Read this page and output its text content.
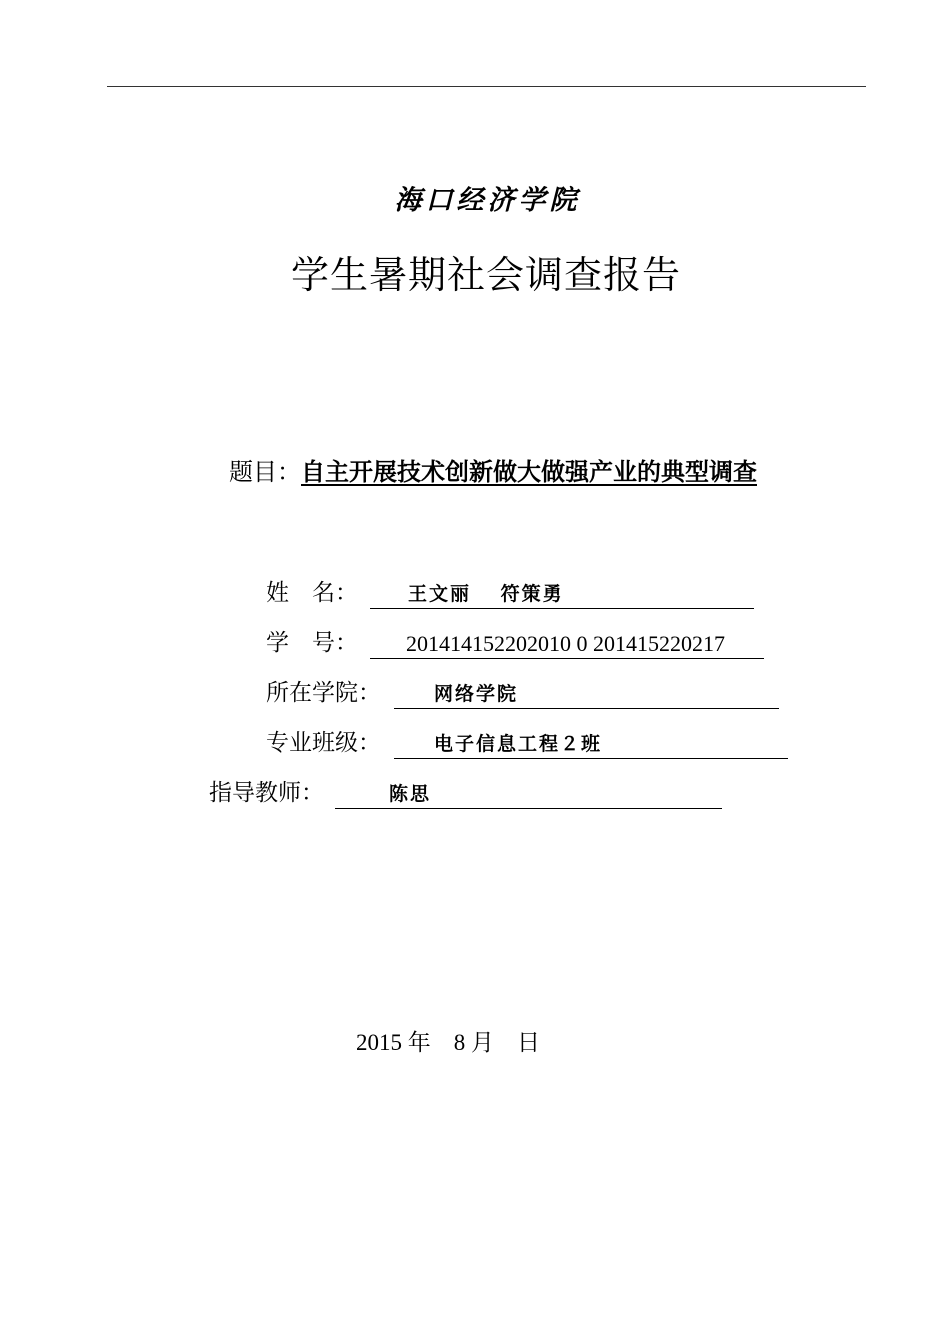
海口经济学院
学生暑期社会调查报告
题目：自主开展技术创新做大做强产业的典型调查
姓　名：	王文丽　 符策勇
学　号：	201414152202010 0 201415220217
所在学院：	网络学院
专业班级：	电子信息工程２班
指导教师：	陈思
2015 年　8 月　日
